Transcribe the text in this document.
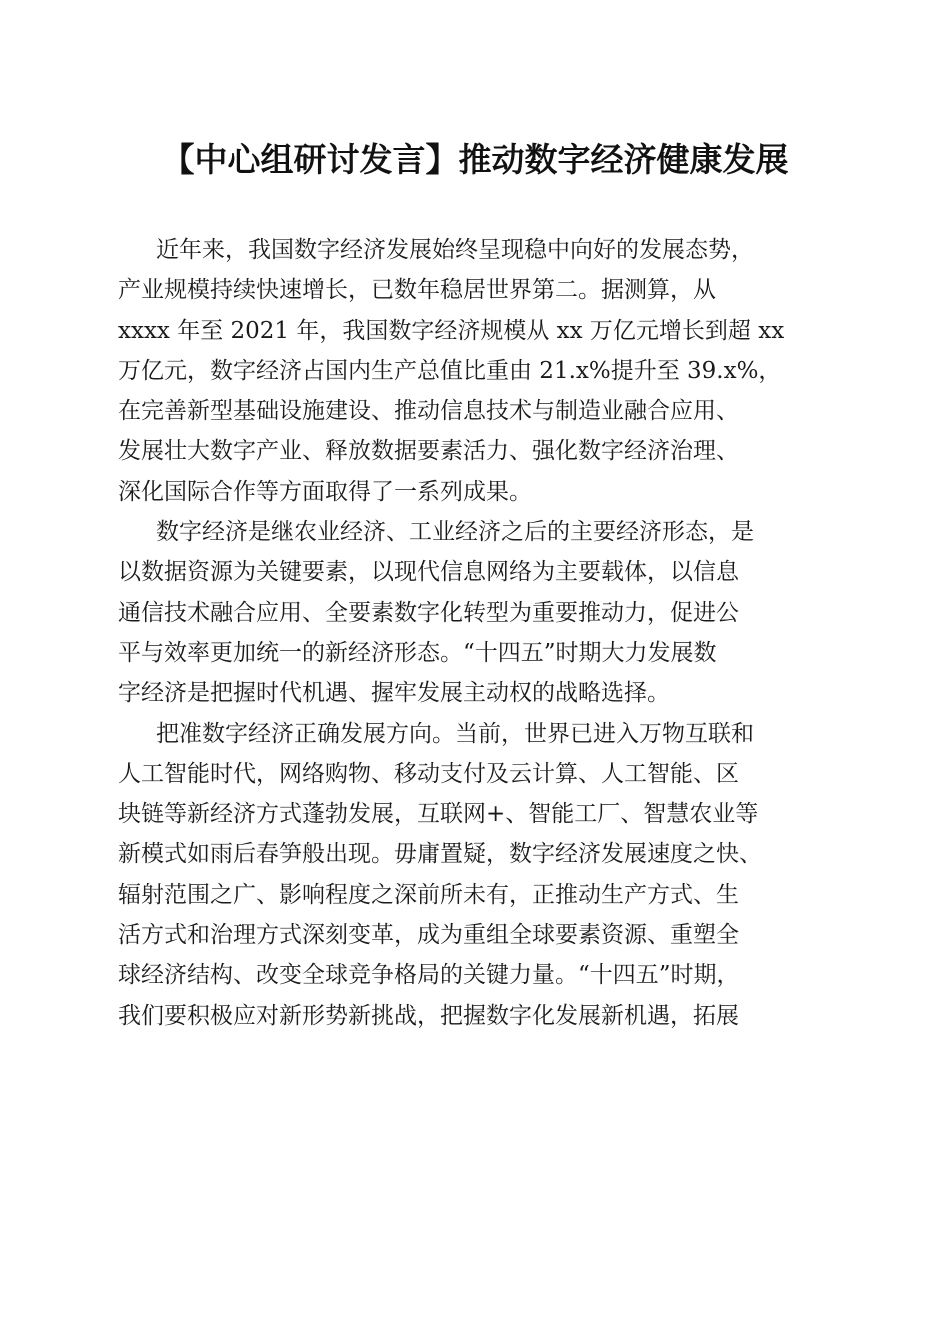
【中心组研讨发言】推动数字经济健康发展

近年来，我国数字经济发展始终呈现稳中向好的发展态势，

产业规模持续快速增长，已数年稳居世界第二。据测算，从

xxxx 年至 2021 年，我国数字经济规模从 xx 万亿元增长到超 xx

万亿元，数字经济占国内生产总值比重由 21.x%提升至 39.x%，

在完善新型基础设施建设、推动信息技术与制造业融合应用、

发展壮大数字产业、释放数据要素活力、强化数字经济治理、

深化国际合作等方面取得了一系列成果。

数字经济是继农业经济、工业经济之后的主要经济形态，是

以数据资源为关键要素，以现代信息网络为主要载体，以信息

通信技术融合应用、全要素数字化转型为重要推动力，促进公

平与效率更加统一的新经济形态。“十四五”时期大力发展数

字经济是把握时代机遇、握牢发展主动权的战略选择。

把准数字经济正确发展方向。当前，世界已进入万物互联和

人工智能时代，网络购物、移动支付及云计算、人工智能、区

块链等新经济方式蓬勃发展，互联网+、智能工厂、智慧农业等

新模式如雨后春笋般出现。毋庸置疑，数字经济发展速度之快、

辐射范围之广、影响程度之深前所未有，正推动生产方式、生

活方式和治理方式深刻变革，成为重组全球要素资源、重塑全

球经济结构、改变全球竞争格局的关键力量。“十四五”时期，

我们要积极应对新形势新挑战，把握数字化发展新机遇，拓展
